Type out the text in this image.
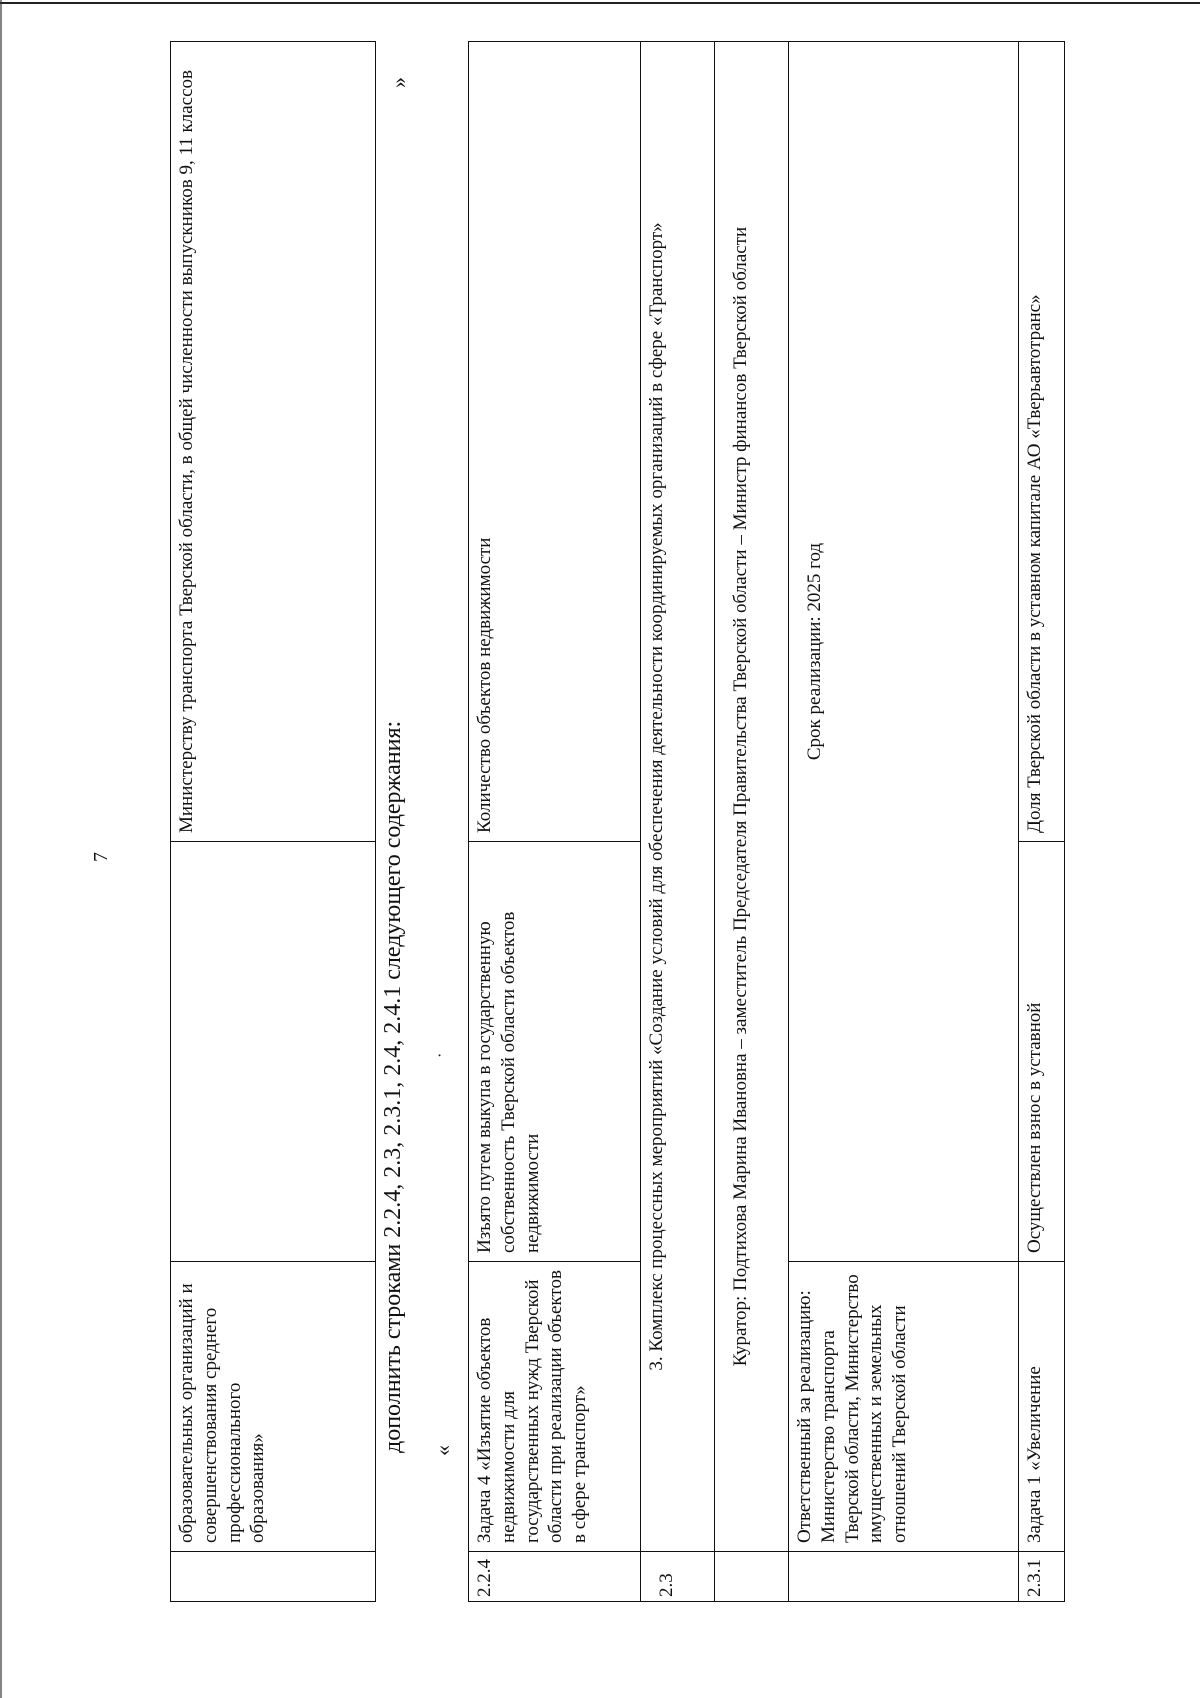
7
	образовательных организаций и совершенствования среднего профессионального образования»		Министерству транспорта Тверской области, в общей численности выпускников 9, 11 классов
дополнить строками 2.2.4, 2.3, 2.3.1, 2.4, 2.4.1 следующего содержания: «
»
·
2.2.4	Задача 4 «Изъятие объектов недвижимости для государственных нужд Тверской области при реализации объектов в сфере транспорт»	Изъято путем выкупа в государственную собственность Тверской области объектов недвижимости	Количество объектов недвижимости
2.3	3. Комплекс процессных мероприятий «Создание условий для обеспечения деятельности координируемых организаций в сфере «Транспорт»		
	Куратор: Подтихова Марина Ивановна – заместитель Председателя Правительства Тверской области – Министр финансов Тверской области		
	Ответственный за реализацию: Министерство транспорта Тверской области, Министерство имущественных и земельных отношений Тверской области	Срок реализации: 2025 год	
2.3.1	Задача 1 «Увеличение	Осуществлен взнос в уставной	Доля Тверской области в уставном капитале АО «Тверьавтотранс»
